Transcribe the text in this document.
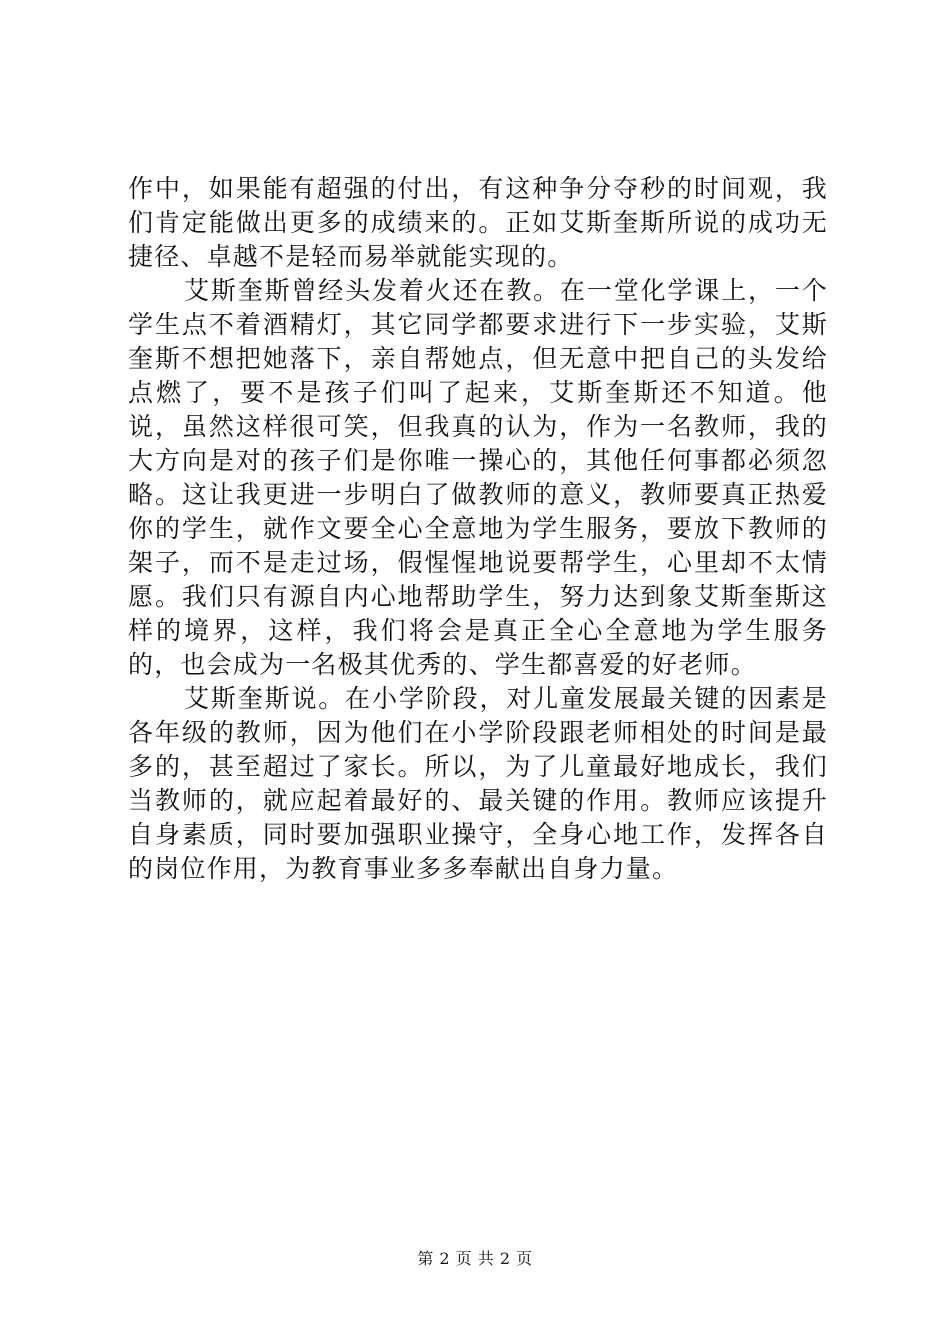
作中，如果能有超强的付出，有这种争分夺秒的时间观，我们肯定能做出更多的成绩来的。正如艾斯奎斯所说的成功无捷径、卓越不是轻而易举就能实现的。

艾斯奎斯曾经头发着火还在教。在一堂化学课上，一个学生点不着酒精灯，其它同学都要求进行下一步实验，艾斯奎斯不想把她落下，亲自帮她点，但无意中把自己的头发给点燃了，要不是孩子们叫了起来，艾斯奎斯还不知道。他说，虽然这样很可笑，但我真的认为，作为一名教师，我的大方向是对的孩子们是你唯一操心的，其他任何事都必须忽略。这让我更进一步明白了做教师的意义，教师要真正热爱你的学生，就作文要全心全意地为学生服务，要放下教师的架子，而不是走过场，假惺惺地说要帮学生，心里却不太情愿。我们只有源自内心地帮助学生，努力达到象艾斯奎斯这样的境界，这样，我们将会是真正全心全意地为学生服务的，也会成为一名极其优秀的、学生都喜爱的好老师。

艾斯奎斯说。在小学阶段，对儿童发展最关键的因素是各年级的教师，因为他们在小学阶段跟老师相处的时间是最多的，甚至超过了家长。所以，为了儿童最好地成长，我们当教师的，就应起着最好的、最关键的作用。教师应该提升自身素质，同时要加强职业操守，全身心地工作，发挥各自的岗位作用，为教育事业多多奉献出自身力量。

第 2 页 共 2 页
